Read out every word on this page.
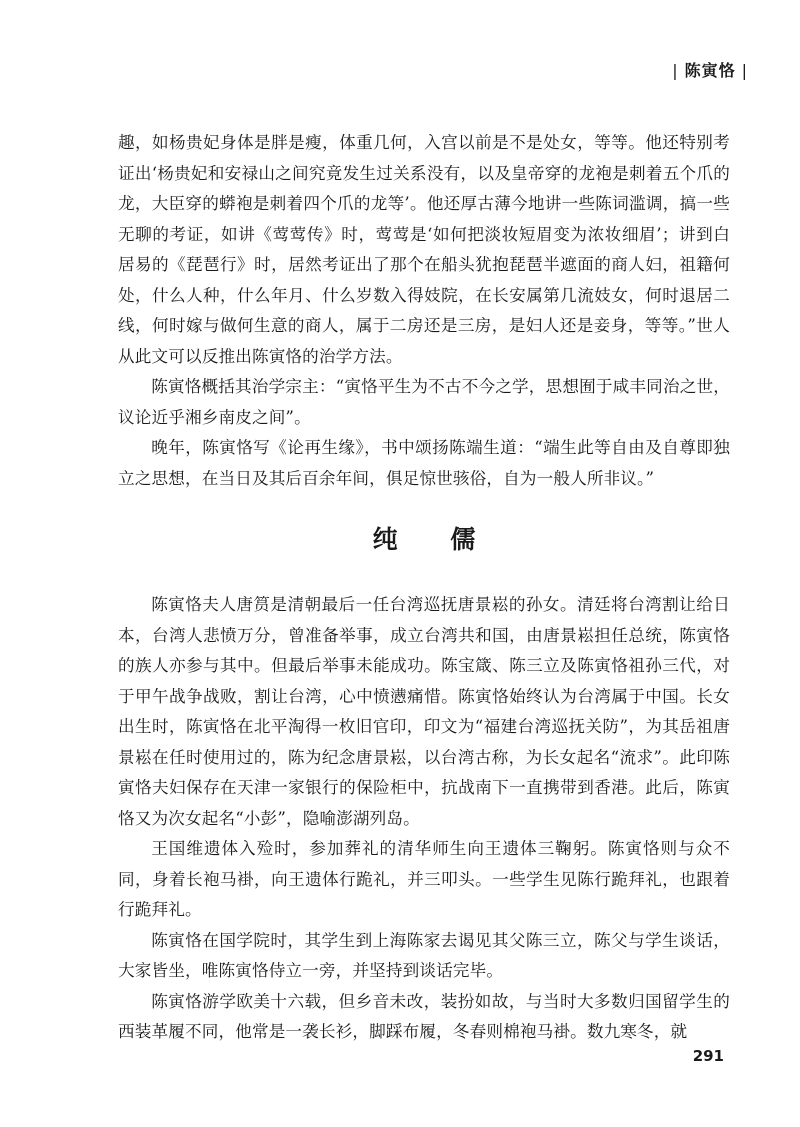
| 陈寅恪 |

趣，如杨贵妃身体是胖是瘦，体重几何，入宫以前是不是处女，等等。他还特别考证出‘杨贵妃和安禄山之间究竟发生过关系没有，以及皇帝穿的龙袍是刺着五个爪的龙，大臣穿的蟒袍是刺着四个爪的龙等’。他还厚古薄今地讲一些陈词滥调，搞一些无聊的考证，如讲《莺莺传》时，莺莺是‘如何把淡妆短眉变为浓妆细眉’；讲到白居易的《琵琶行》时，居然考证出了那个在船头犹抱琵琶半遮面的商人妇，祖籍何处，什么人种，什么年月、什么岁数入得妓院，在长安属第几流妓女，何时退居二线，何时嫁与做何生意的商人，属于二房还是三房，是妇人还是妾身，等等。”世人从此文可以反推出陈寅恪的治学方法。

陈寅恪概括其治学宗主：“寅恪平生为不古不今之学，思想囿于咸丰同治之世，议论近乎湘乡南皮之间”。

晚年，陈寅恪写《论再生缘》，书中颂扬陈端生道：“端生此等自由及自尊即独立之思想，在当日及其后百余年间，俱足惊世骇俗，自为一般人所非议。”

纯 儒

陈寅恪夫人唐筼是清朝最后一任台湾巡抚唐景崧的孙女。清廷将台湾割让给日本，台湾人悲愤万分，曾准备举事，成立台湾共和国，由唐景崧担任总统，陈寅恪的族人亦参与其中。但最后举事未能成功。陈宝箴、陈三立及陈寅恪祖孙三代，对于甲午战争战败，割让台湾，心中愤懑痛惜。陈寅恪始终认为台湾属于中国。长女出生时，陈寅恪在北平淘得一枚旧官印，印文为“福建台湾巡抚关防”，为其岳祖唐景崧在任时使用过的，陈为纪念唐景崧，以台湾古称，为长女起名“流求”。此印陈寅恪夫妇保存在天津一家银行的保险柜中，抗战南下一直携带到香港。此后，陈寅恪又为次女起名“小彭”，隐喻澎湖列岛。

王国维遗体入殓时，参加葬礼的清华师生向王遗体三鞠躬。陈寅恪则与众不同，身着长袍马褂，向王遗体行跪礼，并三叩头。一些学生见陈行跪拜礼，也跟着行跪拜礼。

陈寅恪在国学院时，其学生到上海陈家去谒见其父陈三立，陈父与学生谈话，大家皆坐，唯陈寅恪侍立一旁，并坚持到谈话完毕。

陈寅恪游学欧美十六载，但乡音未改，装扮如故，与当时大多数归国留学生的西装革履不同，他常是一袭长衫，脚踩布履，冬春则棉袍马褂。数九寒冬，就

291
